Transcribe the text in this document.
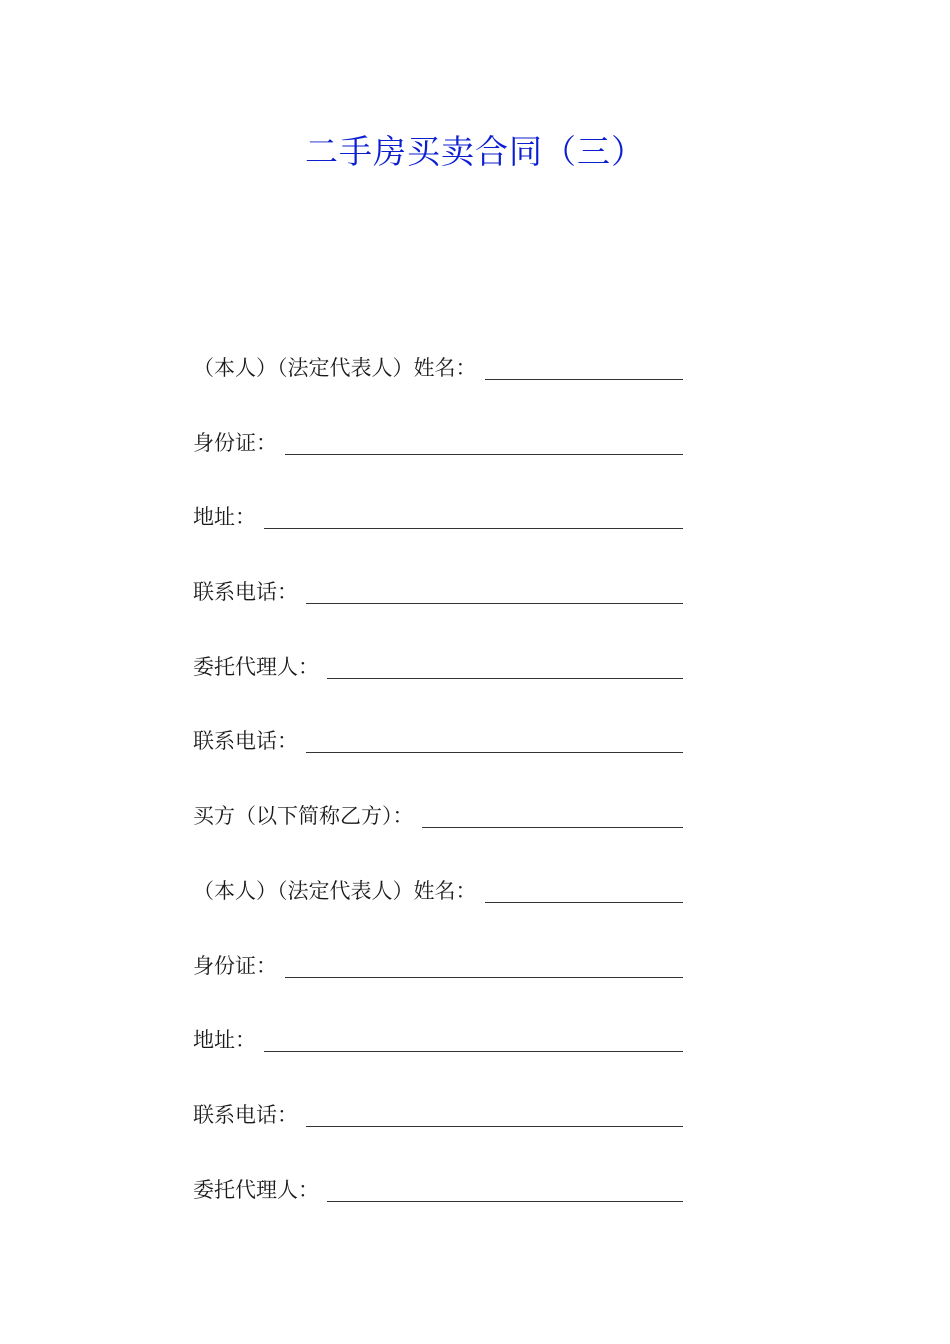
二手房买卖合同（三）
（本人）（法定代表人）姓名：
身份证：
地址：
联系电话：
委托代理人：
联系电话：
买方（以下简称乙方）：
（本人）（法定代表人）姓名：
身份证：
地址：
联系电话：
委托代理人：
